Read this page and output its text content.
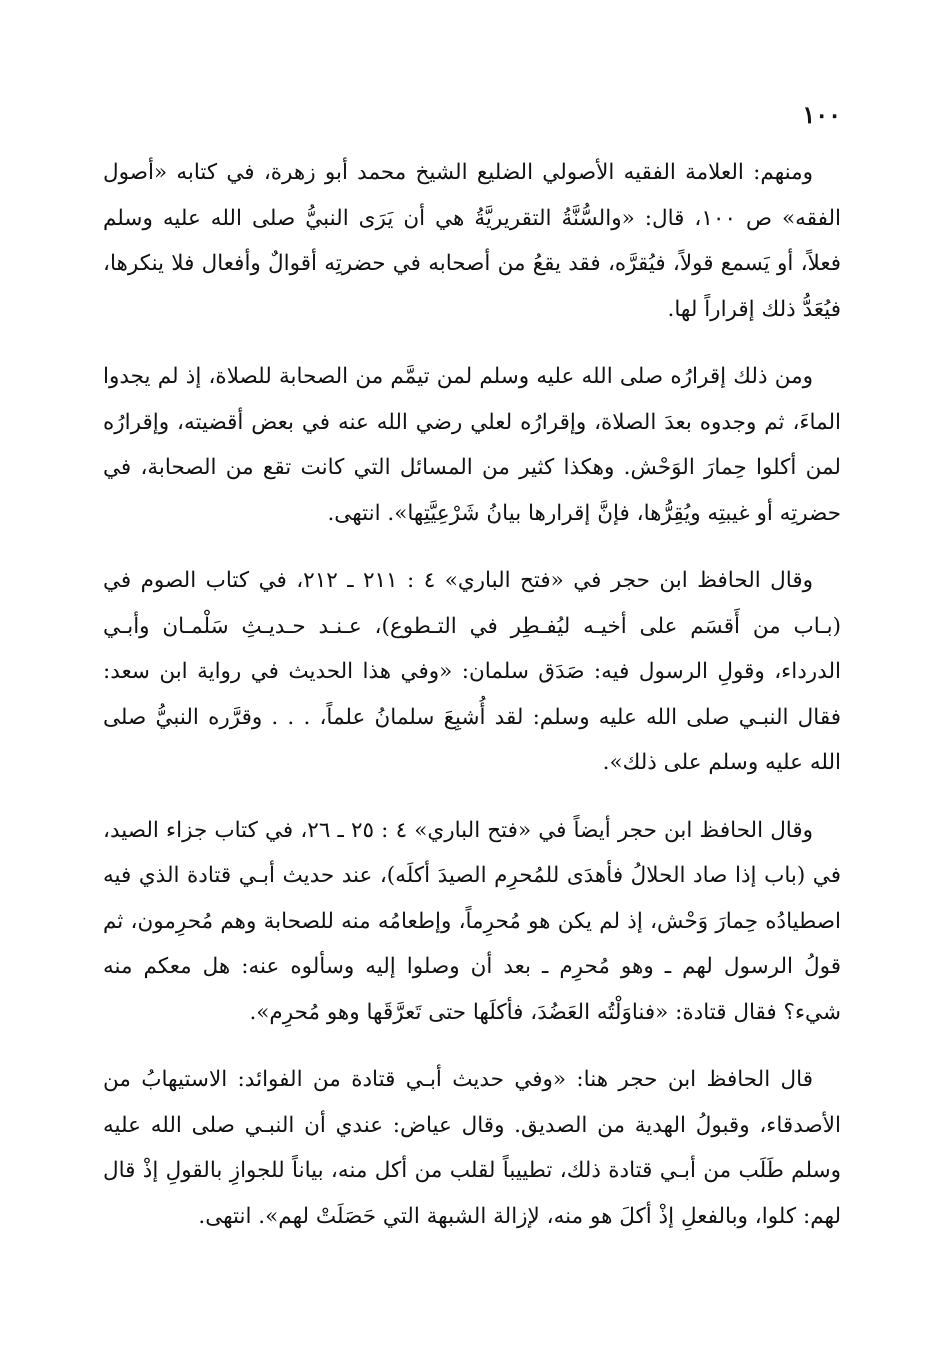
١٠٠

ومنهم: العلامة الفقيه الأصولي الضليع الشيخ محمد أبو زهرة، في كتابه «أصول الفقه» ص ١٠٠، قال: «والسُّنَّةُ التقريريَّةُ هي أن يَرَى النبيُّ صلى الله عليه وسلم فعلاً، أو يَسمع قولاً، فيُقرَّه، فقد يقعُ من أصحابه في حضرتِه أقوالٌ وأفعال فلا ينكرها، فيُعَدُّ ذلك إقراراً لها.

ومن ذلك إقرارُه صلى الله عليه وسلم لمن تيمَّم من الصحابة للصلاة، إذ لم يجدوا الماءَ، ثم وجدوه بعدَ الصلاة، وإقرارُه لعلي رضي الله عنه في بعض أقضيته، وإقرارُه لمن أكلوا حِمارَ الوَحْش. وهكذا كثير من المسائل التي كانت تقع من الصحابة، في حضرتِه أو غيبتِه ويُقِرُّها، فإنَّ إقرارها بيانُ شَرْعِيَّتِها». انتهى.

وقال الحافظ ابن حجر في «فتح الباري» ٤ : ٢١١ ـ ٢١٢، في كتاب الصوم في (بـاب من أَقسَم على أخيـه ليُفـطِر في التـطوع)، عـنـد حـديـثِ سَلْمـان وأبـي الدرداء، وقولِ الرسول فيه: صَدَق سلمان: «وفي هذا الحديث في رواية ابن سعد: فقال النبـي صلى الله عليه وسلم: لقد أُشبِعَ سلمانُ علماً، . . . وقرَّره النبيُّ صلى الله عليه وسلم على ذلك».

وقال الحافظ ابن حجر أيضاً في «فتح الباري» ٤ : ٢٥ ـ ٢٦، في كتاب جزاء الصيد، في (باب إذا صاد الحلالُ فأهدَى للمُحرِم الصيدَ أكلَه)، عند حديث أبـي قتادة الذي فيه اصطيادُه حِمارَ وَحْش، إذ لم يكن هو مُحرِماً، وإطعامُه منه للصحابة وهم مُحرِمون، ثم قولُ الرسول لهم ـ وهو مُحرِم ـ بعد أن وصلوا إليه وسألوه عنه: هل معكم منه شيء؟ فقال قتادة: «فناوَلْتُه العَضُدَ، فأكلَها حتى تَعرَّقَها وهو مُحرِم».

قال الحافظ ابن حجر هنا: «وفي حديث أبـي قتادة من الفوائد: الاستيهابُ من الأصدقاء، وقبولُ الهدية من الصديق. وقال عياض: عندي أن النبـي صلى الله عليه وسلم طَلَب من أبـي قتادة ذلك، تطييباً لقلب من أكل منه، بياناً للجوازِ بالقولِ إذْ قال لهم: كلوا، وبالفعلِ إذْ أكلَ هو منه، لإزالة الشبهة التي حَصَلَتْ لهم». انتهى.
